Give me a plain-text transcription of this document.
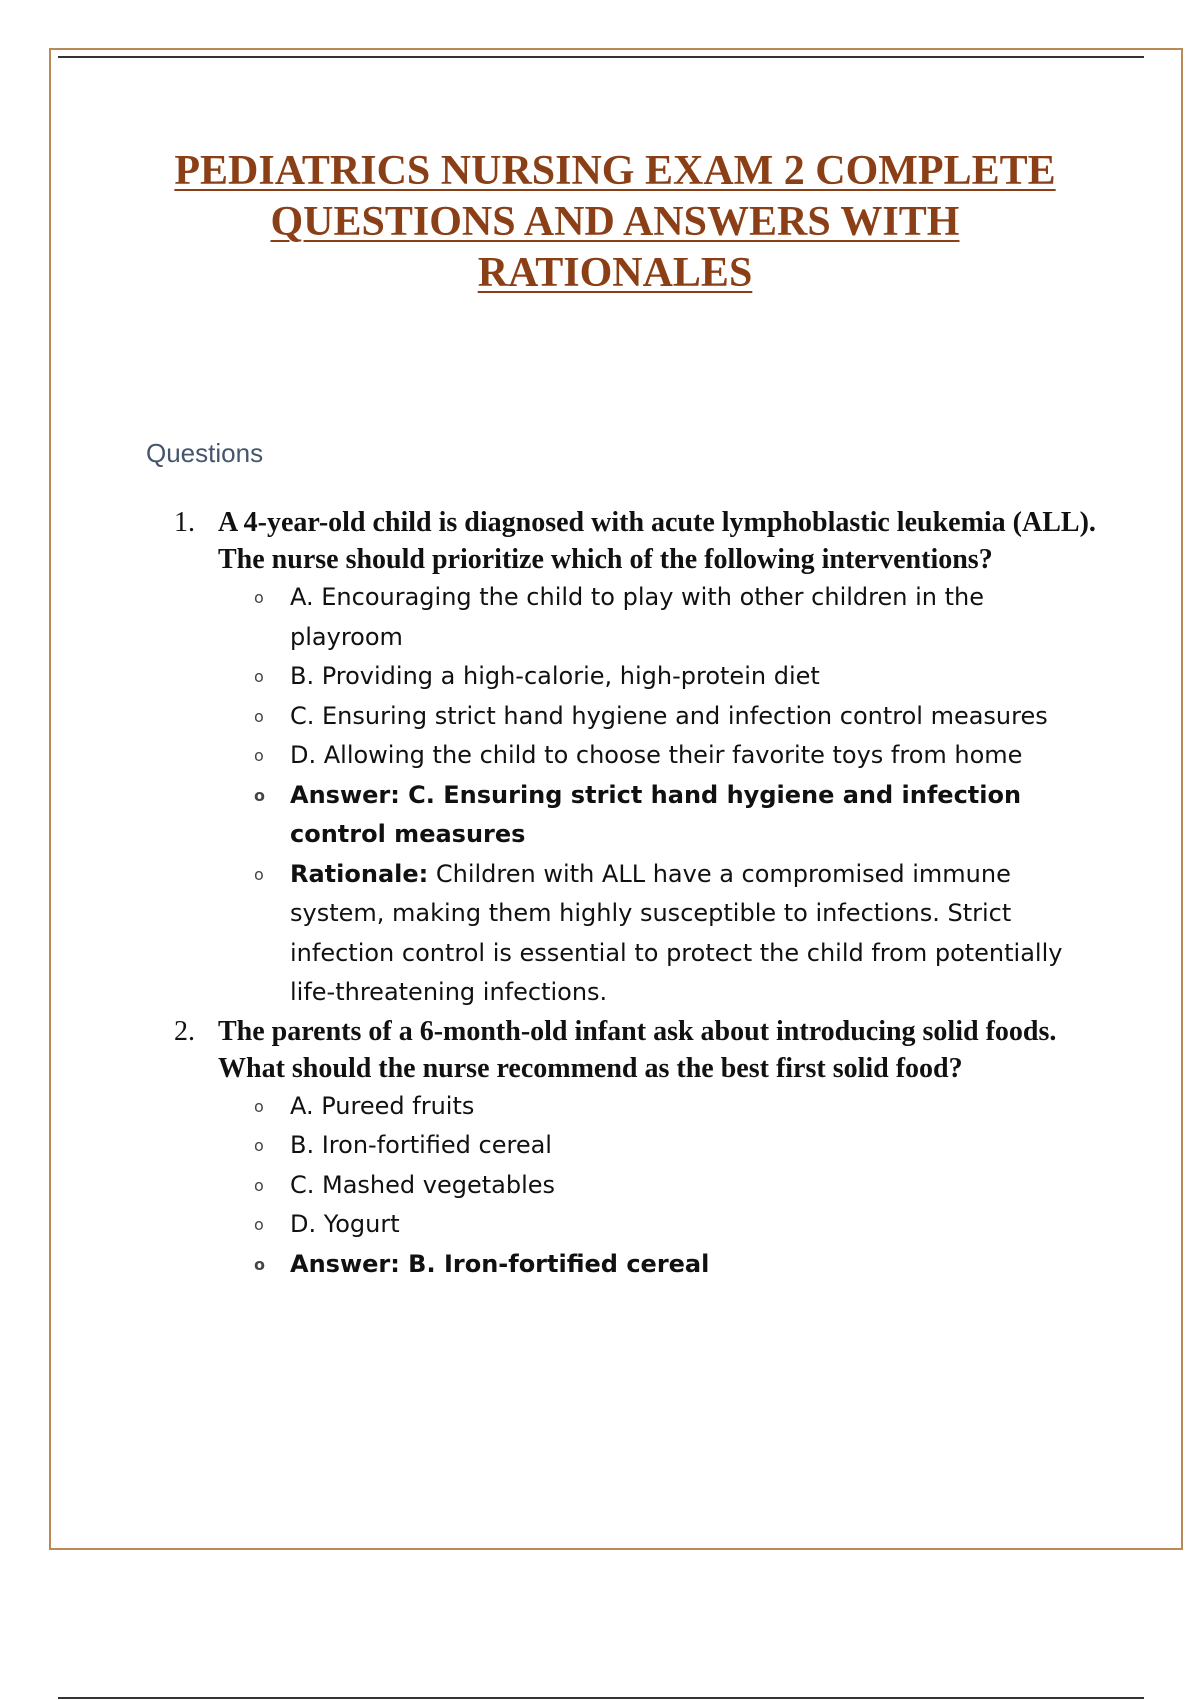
PEDIATRICS NURSING EXAM 2 COMPLETE
QUESTIONS AND ANSWERS WITH
RATIONALES
Questions
1. A 4-year-old child is diagnosed with acute lymphoblastic leukemia (ALL). The nurse should prioritize which of the following interventions?
o A. Encouraging the child to play with other children in the playroom
o B. Providing a high-calorie, high-protein diet
o C. Ensuring strict hand hygiene and infection control measures
o D. Allowing the child to choose their favorite toys from home
o Answer: C. Ensuring strict hand hygiene and infection control measures
o Rationale: Children with ALL have a compromised immune system, making them highly susceptible to infections. Strict infection control is essential to protect the child from potentially life-threatening infections.
2. The parents of a 6-month-old infant ask about introducing solid foods. What should the nurse recommend as the best first solid food?
o A. Pureed fruits
o B. Iron-fortified cereal
o C. Mashed vegetables
o D. Yogurt
o Answer: B. Iron-fortified cereal
